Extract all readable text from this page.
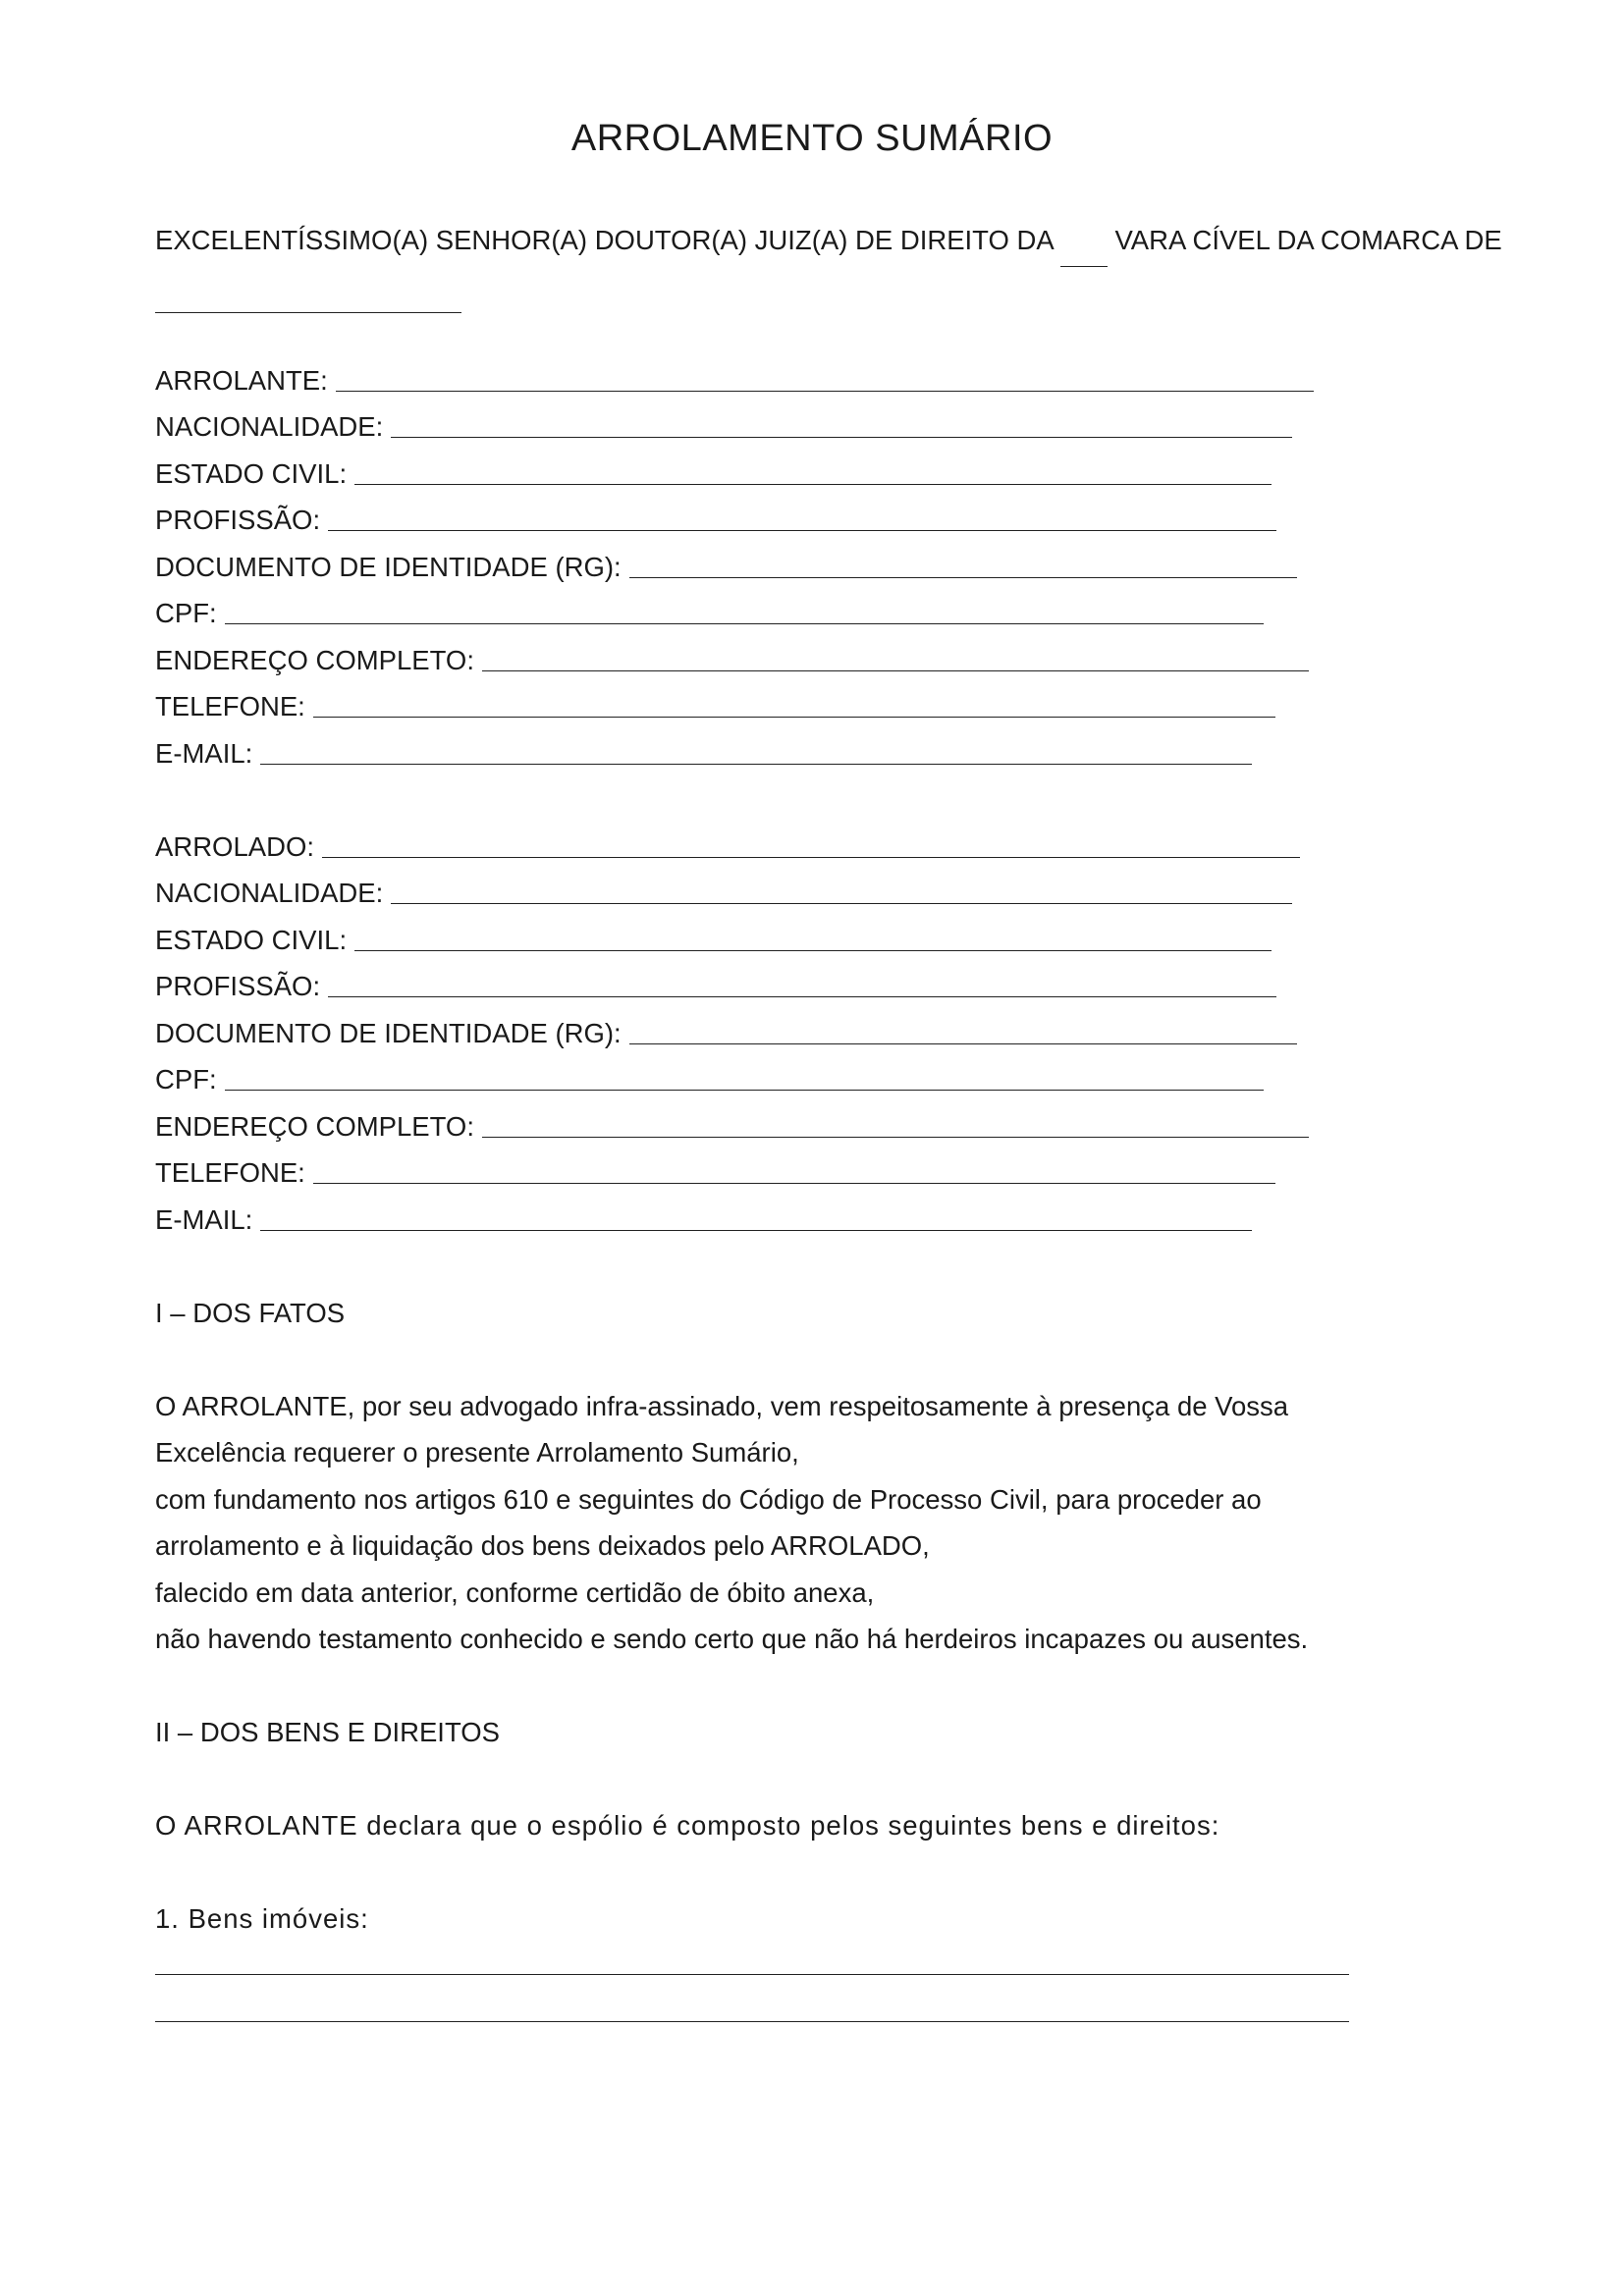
ARROLAMENTO SUMÁRIO
EXCELENTÍSSIMO(A) SENHOR(A) DOUTOR(A) JUIZ(A) DE DIREITO DA VARA CÍVEL DA COMARCA DE

ARROLANTE:
NACIONALIDADE:
ESTADO CIVIL:
PROFISSÃO:
DOCUMENTO DE IDENTIDADE (RG):
CPF:
ENDEREÇO COMPLETO:
TELEFONE:
E-MAIL:
ARROLADO:
NACIONALIDADE:
ESTADO CIVIL:
PROFISSÃO:
DOCUMENTO DE IDENTIDADE (RG):
CPF:
ENDEREÇO COMPLETO:
TELEFONE:
E-MAIL:
I – DOS FATOS
O ARROLANTE, por seu advogado infra-assinado, vem respeitosamente à presença de Vossa
Excelência requerer o presente Arrolamento Sumário,
com fundamento nos artigos 610 e seguintes do Código de Processo Civil, para proceder ao
arrolamento e à liquidação dos bens deixados pelo ARROLADO,
falecido em data anterior, conforme certidão de óbito anexa,
não havendo testamento conhecido e sendo certo que não há herdeiros incapazes ou ausentes.
II – DOS BENS E DIREITOS
O ARROLANTE declara que o espólio é composto pelos seguintes bens e direitos:
1. Bens imóveis:
